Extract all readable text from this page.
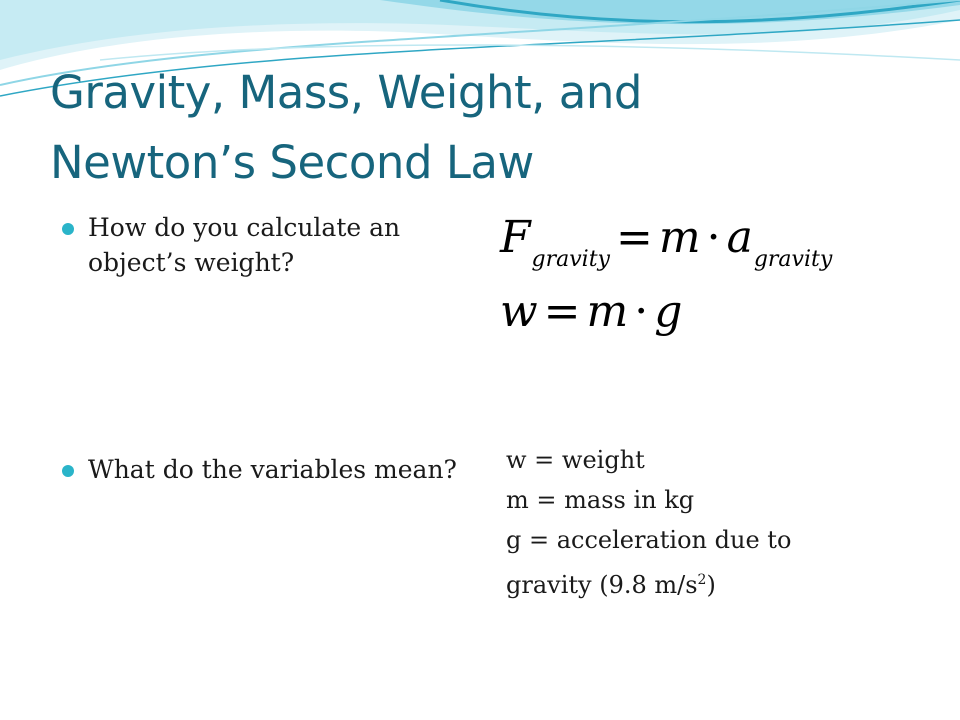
Gravity, Mass, Weight, and
Newton’s Second Law
How do you calculate an object’s weight?
What do the variables mean?
$F_{gravity} = m \cdot a_{gravity}$
w = m · g
w = weight
m = mass in kg
g = acceleration due to
gravity (9.8 $m/s^2$)
